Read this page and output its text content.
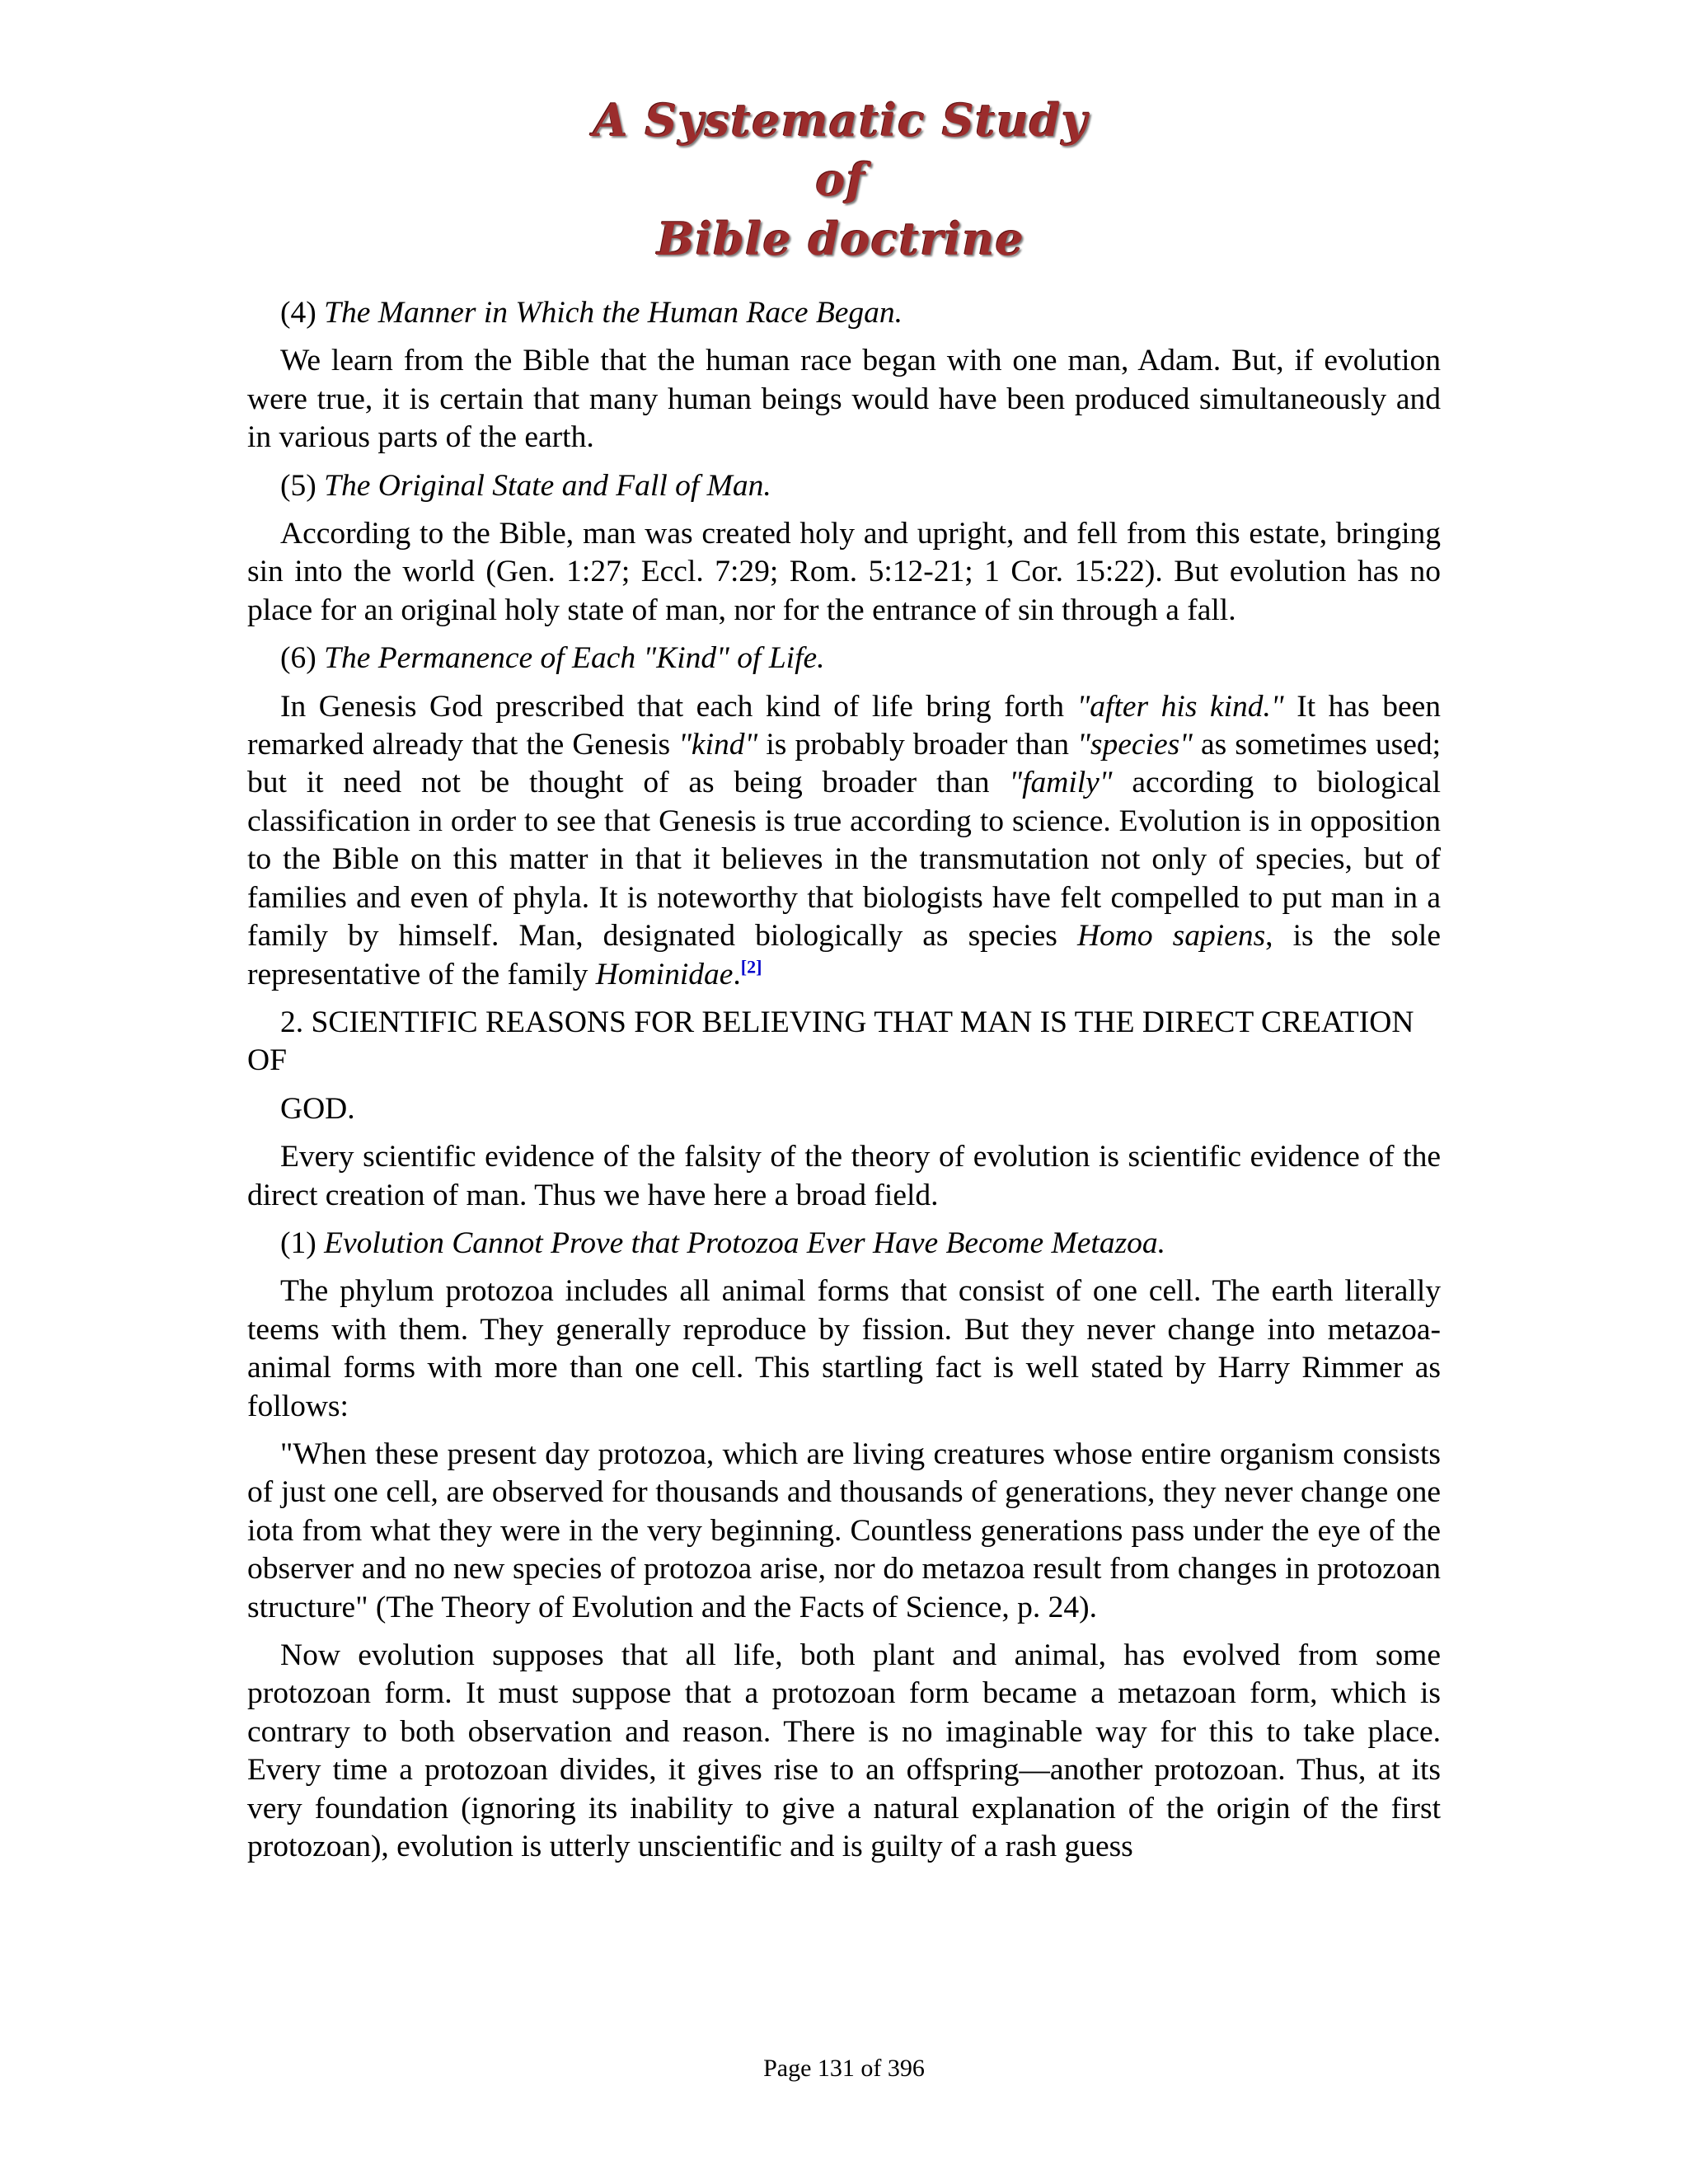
A Systematic Study of
Bible doctrine

(4) The Manner in Which the Human Race Began.

We learn from the Bible that the human race began with one man, Adam. But, if evolution were true, it is certain that many human beings would have been produced simultaneously and in various parts of the earth.

(5) The Original State and Fall of Man.

According to the Bible, man was created holy and upright, and fell from this estate, bringing sin into the world (Gen. 1:27; Eccl. 7:29; Rom. 5:12-21; 1 Cor. 15:22). But evolution has no place for an original holy state of man, nor for the entrance of sin through a fall.

(6) The Permanence of Each "Kind" of Life.

In Genesis God prescribed that each kind of life bring forth "after his kind." It has been remarked already that the Genesis "kind" is probably broader than "species" as sometimes used; but it need not be thought of as being broader than "family" according to biological classification in order to see that Genesis is true according to science. Evolution is in opposition to the Bible on this matter in that it believes in the transmutation not only of species, but of families and even of phyla. It is noteworthy that biologists have felt compelled to put man in a family by himself. Man, designated biologically as species Homo sapiens, is the sole representative of the family Hominidae.[2]

2. SCIENTIFIC REASONS FOR BELIEVING THAT MAN IS THE DIRECT CREATION OF

GOD.

Every scientific evidence of the falsity of the theory of evolution is scientific evidence of the direct creation of man. Thus we have here a broad field.

(1) Evolution Cannot Prove that Protozoa Ever Have Become Metazoa.

The phylum protozoa includes all animal forms that consist of one cell. The earth literally teems with them. They generally reproduce by fission. But they never change into metazoa- animal forms with more than one cell. This startling fact is well stated by Harry Rimmer as follows:

"When these present day protozoa, which are living creatures whose entire organism consists of just one cell, are observed for thousands and thousands of generations, they never change one iota from what they were in the very beginning. Countless generations pass under the eye of the observer and no new species of protozoa arise, nor do metazoa result from changes in protozoan structure" (The Theory of Evolution and the Facts of Science, p. 24).

Now evolution supposes that all life, both plant and animal, has evolved from some protozoan form. It must suppose that a protozoan form became a metazoan form, which is contrary to both observation and reason. There is no imaginable way for this to take place. Every time a protozoan divides, it gives rise to an offspring—another protozoan. Thus, at its very foundation (ignoring its inability to give a natural explanation of the origin of the first protozoan), evolution is utterly unscientific and is guilty of a rash guess

Page 131 of 396
